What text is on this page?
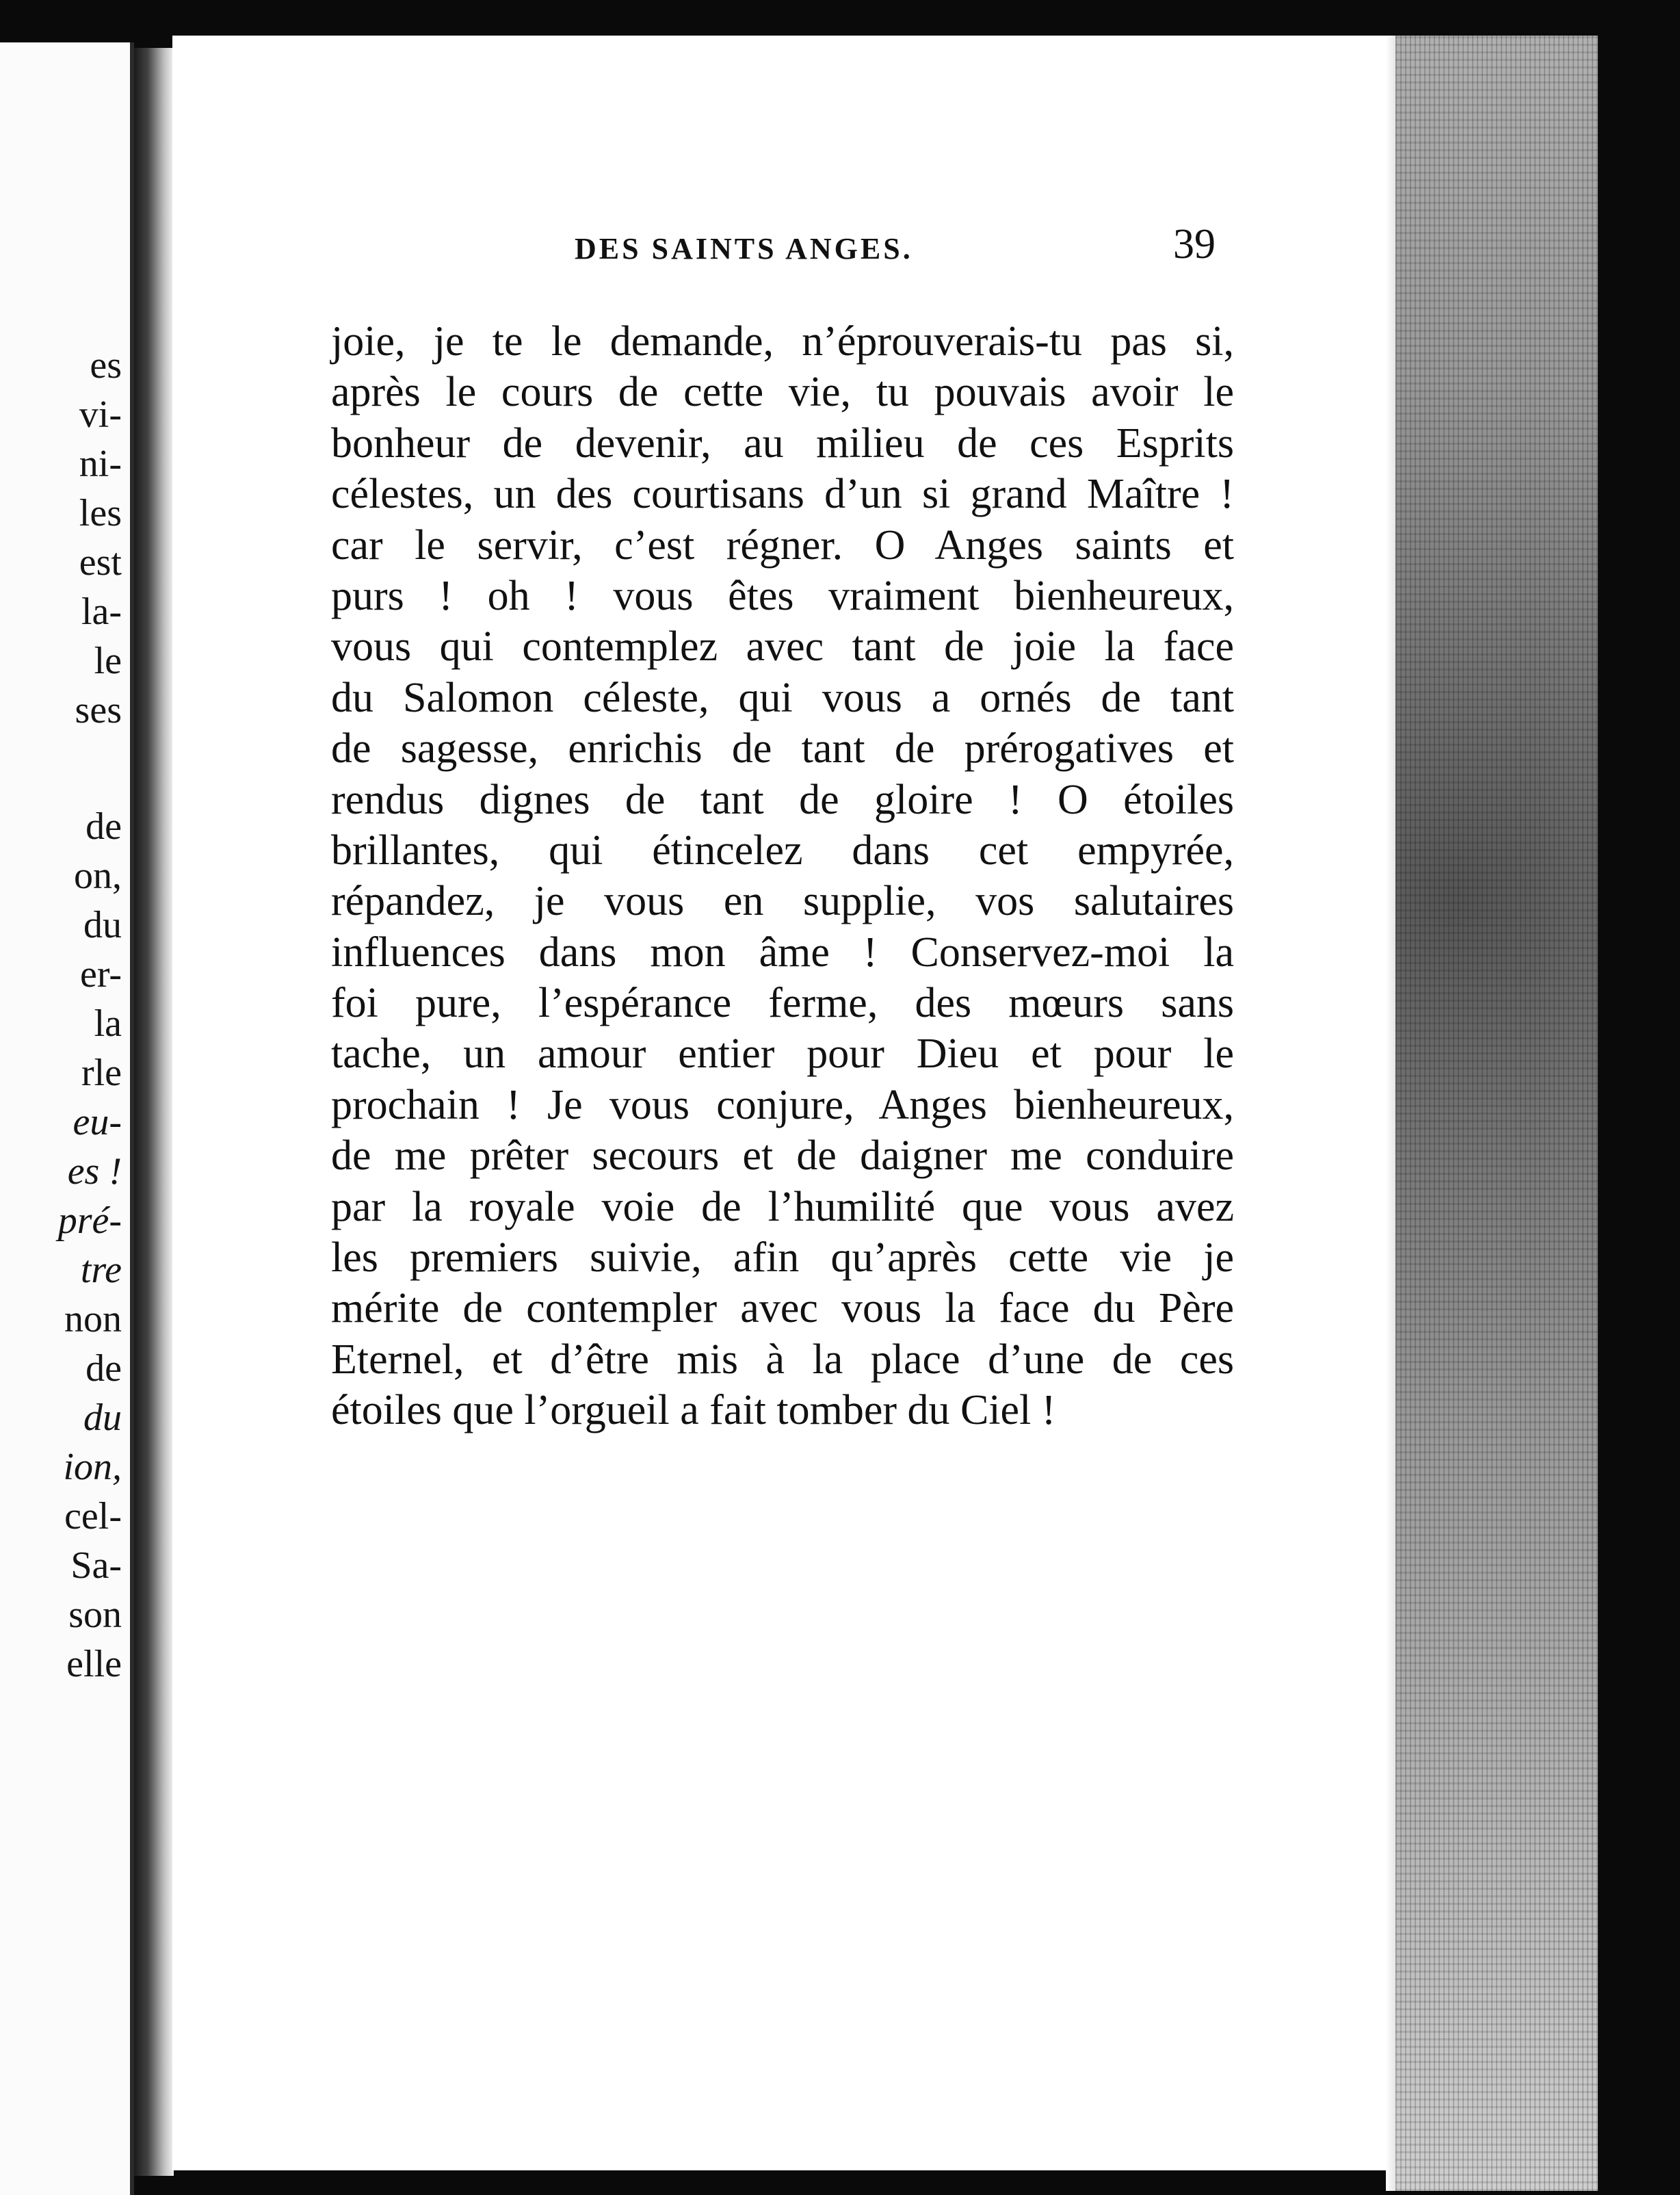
es
vi-
ni-
les
est
la-
le
ses
de
on,
du
er-
la
rle
eu-
es !
pré-
tre
non
de
du
ion,
cel-
Sa-
son
elle
DES SAINTS ANGES.	39
joie, je te le demande, n’éprouverais-tu pas si,
après le cours de cette vie, tu pouvais avoir le
bonheur de devenir, au milieu de ces Esprits
célestes, un des courtisans d’un si grand Maître !
car le servir, c’est régner. O Anges saints et
purs ! oh ! vous êtes vraiment bienheureux,
vous qui contemplez avec tant de joie la face
du Salomon céleste, qui vous a ornés de tant
de sagesse, enrichis de tant de prérogatives et
rendus dignes de tant de gloire ! O étoiles
brillantes, qui étincelez dans cet empyrée,
répandez, je vous en supplie, vos salutaires
influences dans mon âme ! Conservez-moi la
foi pure, l’espérance ferme, des mœurs sans
tache, un amour entier pour Dieu et pour le
prochain ! Je vous conjure, Anges bienheureux,
de me prêter secours et de daigner me conduire
par la royale voie de l’humilité que vous avez
les premiers suivie, afin qu’après cette vie je
mérite de contempler avec vous la face du Père
Eternel, et d’être mis à la place d’une de ces
étoiles que l’orgueil a fait tomber du Ciel !
